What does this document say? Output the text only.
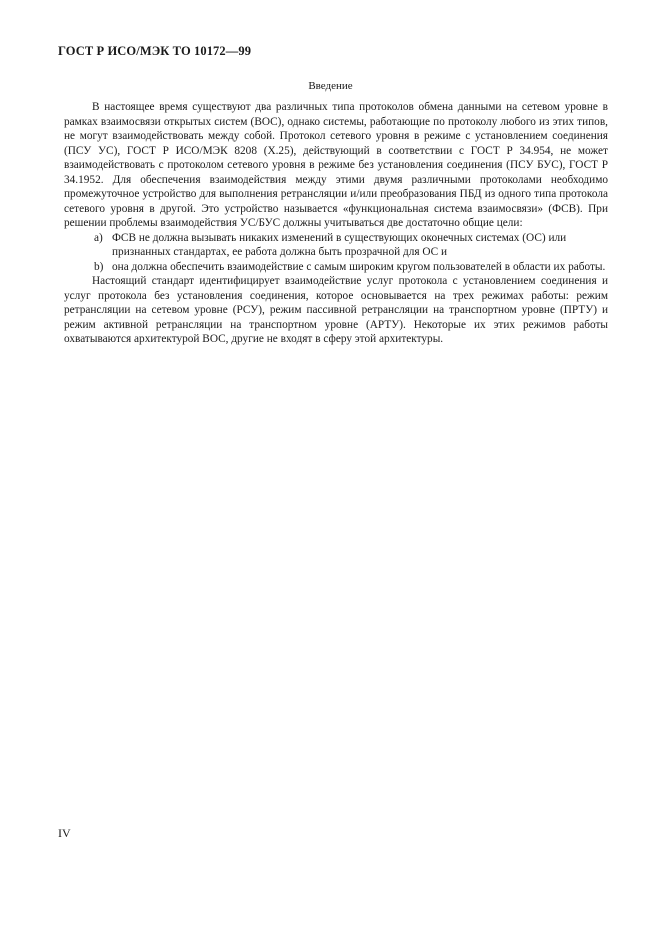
ГОСТ Р ИСО/МЭК ТО 10172—99
Введение

В настоящее время существуют два различных типа протоколов обмена данными на сетевом уровне в рамках взаимосвязи открытых систем (ВОС), однако системы, работающие по протоколу любого из этих типов, не могут взаимодействовать между собой. Протокол сетевого уровня в режиме с установлением соединения (ПСУ УС), ГОСТ Р ИСО/МЭК 8208 (X.25), действующий в соответствии с ГОСТ Р 34.954, не может взаимодействовать с протоколом сетевого уровня в режиме без установления соединения (ПСУ БУС), ГОСТ Р 34.1952. Для обеспечения взаимодействия между этими двумя различными протоколами необходимо промежуточное устройство для выполнения ретрансляции и/или преобразования ПБД из одного типа протокола сетевого уровня в другой. Это устройство называется «функциональная система взаимосвязи» (ФСВ). При решении проблемы взаимодействия УС/БУС должны учитываться две достаточно общие цели:

a) ФСВ не должна вызывать никаких изменений в существующих оконечных системах (ОС) или признанных стандартах, ее работа должна быть прозрачной для ОС и
b) она должна обеспечить взаимодействие с самым широким кругом пользователей в области их работы.

Настоящий стандарт идентифицирует взаимодействие услуг протокола с установлением соединения и услуг протокола без установления соединения, которое основывается на трех режимах работы: режим ретрансляции на сетевом уровне (РСУ), режим пассивной ретрансляции на транспортном уровне (ПРТУ) и режим активной ретрансляции на транспортном уровне (АРТУ). Некоторые их этих режимов работы охватываются архитектурой ВОС, другие не входят в сферу этой архитектуры.

IV
